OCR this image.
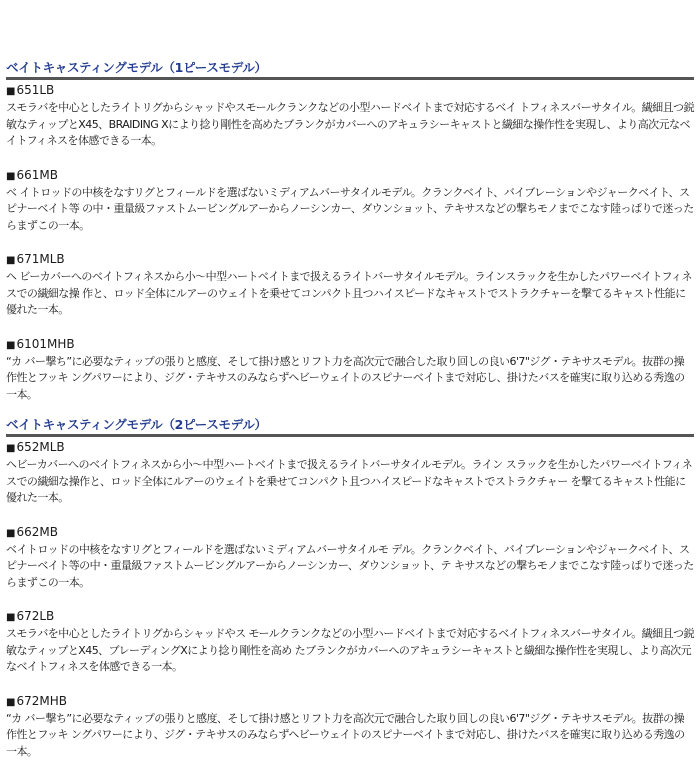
ベイトキャスティングモデル（1ピースモデル）
■651LB
スモラバを中心としたライトリグからシャッドやスモールクランクなどの小型ハードベイトまで対応するベイ トフィネスバーサタイル。繊細且つ鋭敏なティップとX45、BRAIDING Xにより捻り剛性を高めたブランクがカバーへのアキュラシーキャストと繊細な操作性を実現し、より高次元なベイトフィネスを体感できる一本。
■661MB
ベ イトロッドの中核をなすリグとフィールドを選ばないミディアムバーサタイルモデル。クランクベイト、バイブレーションやジャークベイト、スピナーベイト等 の中・重量級ファストムービングルアーからノーシンカー、ダウンショット、テキサスなどの撃ちモノまでこなす陸っぱりで迷ったらまずこの一本。
■671MLB
ヘ ビーカバーへのベイトフィネスから小～中型ハートベイトまで扱えるライトバーサタイルモデル。ラインスラックを生かしたパワーベイトフィネスでの繊細な操 作と、ロッド全体にルアーのウェイトを乗せてコンパクト且つハイスピードなキャストでストラクチャーを撃てるキャスト性能に優れた一本。
■6101MHB
“カ バー撃ち”に必要なティップの張りと感度、そして掛け感とリフト力を高次元で融合した取り回しの良い6'7"ジグ・テキサスモデル。抜群の操作性とフッキ ングパワーにより、ジグ・テキサスのみならずヘビーウェイトのスピナーベイトまで対応し、掛けたバスを確実に取り込める秀逸の一本。
ベイトキャスティングモデル（2ピースモデル）
■652MLB
ヘビーカバーへのベイトフィネスから小～中型ハートベイトまで扱えるライトバーサタイルモデル。ライン スラックを生かしたパワーベイトフィネスでの繊細な操作と、ロッド全体にルアーのウェイトを乗せてコンパクト且つハイスピードなキャストでストラクチャー を撃てるキャスト性能に優れた一本。
■662MB
ベイトロッドの中核をなすリグとフィールドを選ばないミディアムバーサタイルモ デル。クランクベイト、バイブレーションやジャークベイト、スピナーベイト等の中・重量級ファストムービングルアーからノーシンカー、ダウンショット、テ キサスなどの撃ちモノまでこなす陸っぱりで迷ったらまずこの一本。
■672LB
スモラバを中心としたライトリグからシャッドやス モールクランクなどの小型ハードベイトまで対応するベイトフィネスバーサタイル。繊細且つ鋭敏なティップとX45、ブレーディングXにより捻り剛性を高め たブランクがカバーへのアキュラシーキャストと繊細な操作性を実現し、より高次元なベイトフィネスを体感できる一本。
■672MHB
“カ バー撃ち”に必要なティップの張りと感度、そして掛け感とリフト力を高次元で融合した取り回しの良い6'7"ジグ・テキサスモデル。抜群の操作性とフッキ ングパワーにより、ジグ・テキサスのみならずヘビーウェイトのスピナーベイトまで対応し、掛けたバスを確実に取り込める秀逸の一本。
